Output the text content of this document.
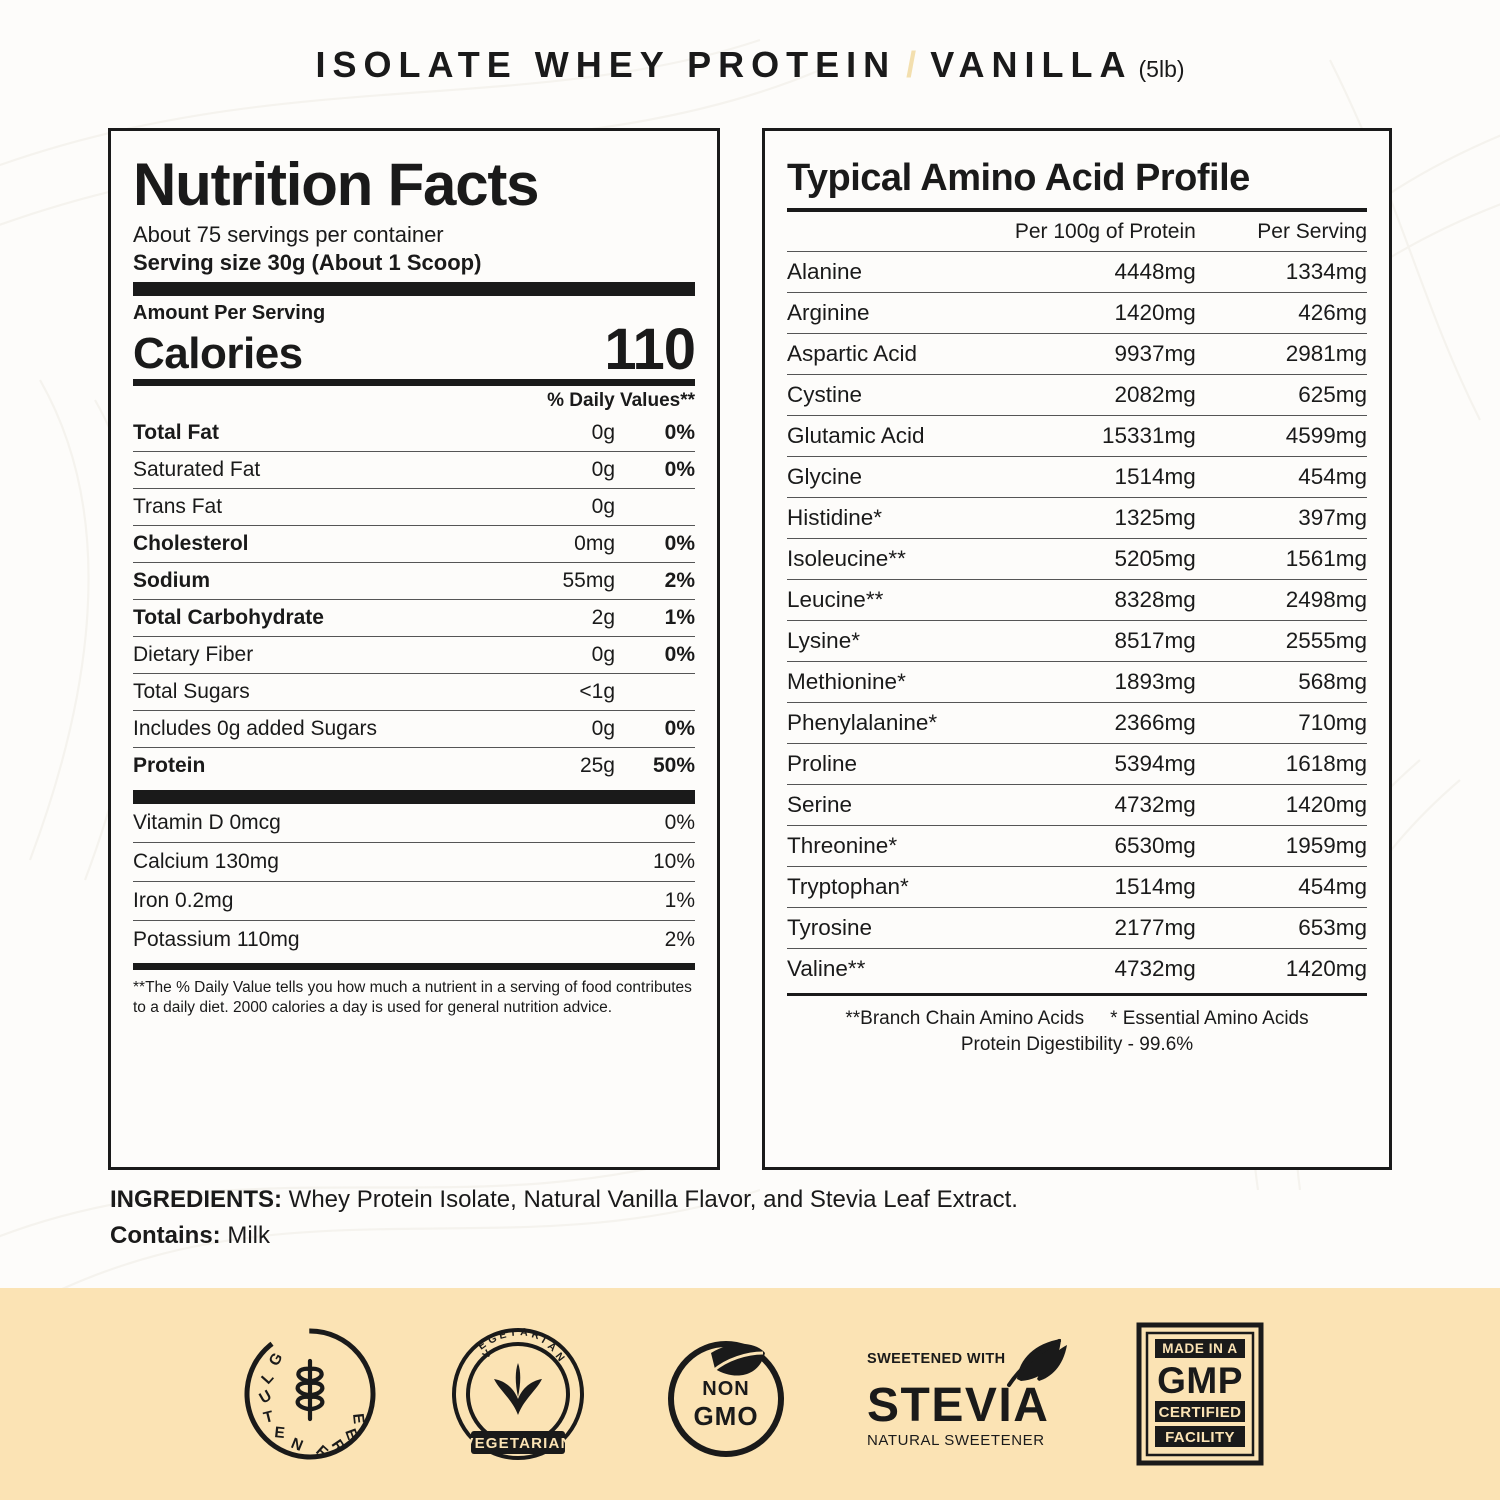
ISOLATE WHEY PROTEIN / VANILLA (5lb)
Nutrition Facts
About 75 servings per container
Serving size 30g (About 1 Scoop)
Amount Per Serving
Calories	110
% Daily Values**
Total Fat	0g	0%
Saturated Fat	0g	0%
Trans Fat	0g	
Cholesterol	0mg	0%
Sodium	55mg	2%
Total Carbohydrate	2g	1%
Dietary Fiber	0g	0%
Total Sugars	<1g	
Includes 0g added Sugars	0g	0%
Protein	25g	50%
Vitamin D 0mcg	0%
Calcium 130mg	10%
Iron 0.2mg	1%
Potassium 110mg	2%
**The % Daily Value tells you how much a nutrient in a serving of food contributes to a daily diet. 2000 calories a day is used for general nutrition advice.
Typical Amino Acid Profile
	Per 100g of Protein	Per Serving
Alanine	4448mg	1334mg
Arginine	1420mg	426mg
Aspartic Acid	9937mg	2981mg
Cystine	2082mg	625mg
Glutamic Acid	15331mg	4599mg
Glycine	1514mg	454mg
Histidine*	1325mg	397mg
Isoleucine**	5205mg	1561mg
Leucine**	8328mg	2498mg
Lysine*	8517mg	2555mg
Methionine*	1893mg	568mg
Phenylalanine*	2366mg	710mg
Proline	5394mg	1618mg
Serine	4732mg	1420mg
Threonine*	6530mg	1959mg
Tryptophan*	1514mg	454mg
Tyrosine	2177mg	653mg
Valine**	4732mg	1420mg
**Branch Chain Amino Acids * Essential Amino Acids
Protein Digestibility - 99.6%
INGREDIENTS: Whey Protein Isolate, Natural Vanilla Flavor, and Stevia Leaf Extract.
Contains: Milk
G
L
U
T
E
N F
R
E
E
VEGETARIAN
V
E
G E T A R
I
A
N
NON
GMO
SWEETENED WITH
STEVIA
NATURAL SWEETENER
MADE IN A
GMP
CERTIFIED
FACILITY
